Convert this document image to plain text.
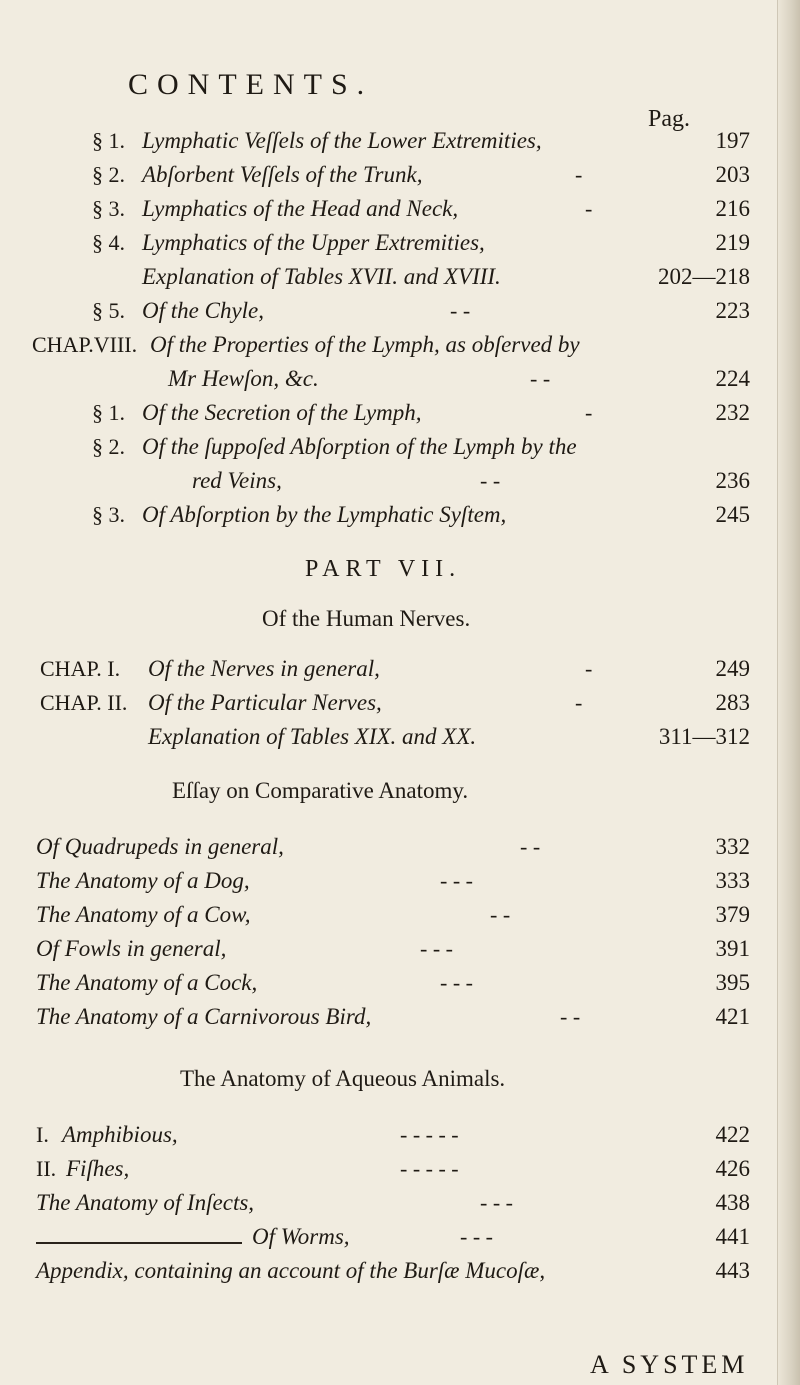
CONTENTS.
Pag.
§ 1. Lymphatic Veſſels of the Lower Extremities,	197
§ 2. Abſorbent Veſſels of the Trunk,	-	203
§ 3. Lymphatics of the Head and Neck,	-	216
§ 4. Lymphatics of the Upper Extremities,	219
Explanation of Tables XVII. and XVIII.	202—218
§ 5. Of the Chyle,	- -	223
CHAP.VIII. Of the Properties of the Lymph, as obſerved by
Mr Hewſon, &c.	- -	224
§ 1. Of the Secretion of the Lymph,	-	232
§ 2. Of the ſuppoſed Abſorption of the Lymph by the
red Veins,	- -	236
§ 3. Of Abſorption by the Lymphatic Syſtem,	245
PART VII.
Of the Human Nerves.
CHAP. I. Of the Nerves in general,	-	249
CHAP. II. Of the Particular Nerves,	-	283
Explanation of Tables XIX. and XX.	311—312
Eſſay on Comparative Anatomy.
Of Quadrupeds in general,	- -	332
The Anatomy of a Dog,	- - -	333
The Anatomy of a Cow,	- -	379
Of Fowls in general,	- - -	391
The Anatomy of a Cock,	- - -	395
The Anatomy of a Carnivorous Bird,	- -	421
The Anatomy of Aqueous Animals.
I. Amphibious,	- - - - -	422
II. Fiſhes,	- - - - -	426
The Anatomy of Inſects,	- - -	438
Of Worms,	- - -	441
Appendix, containing an account of the Burſæ Mucoſæ,	443
A SYSTEM
